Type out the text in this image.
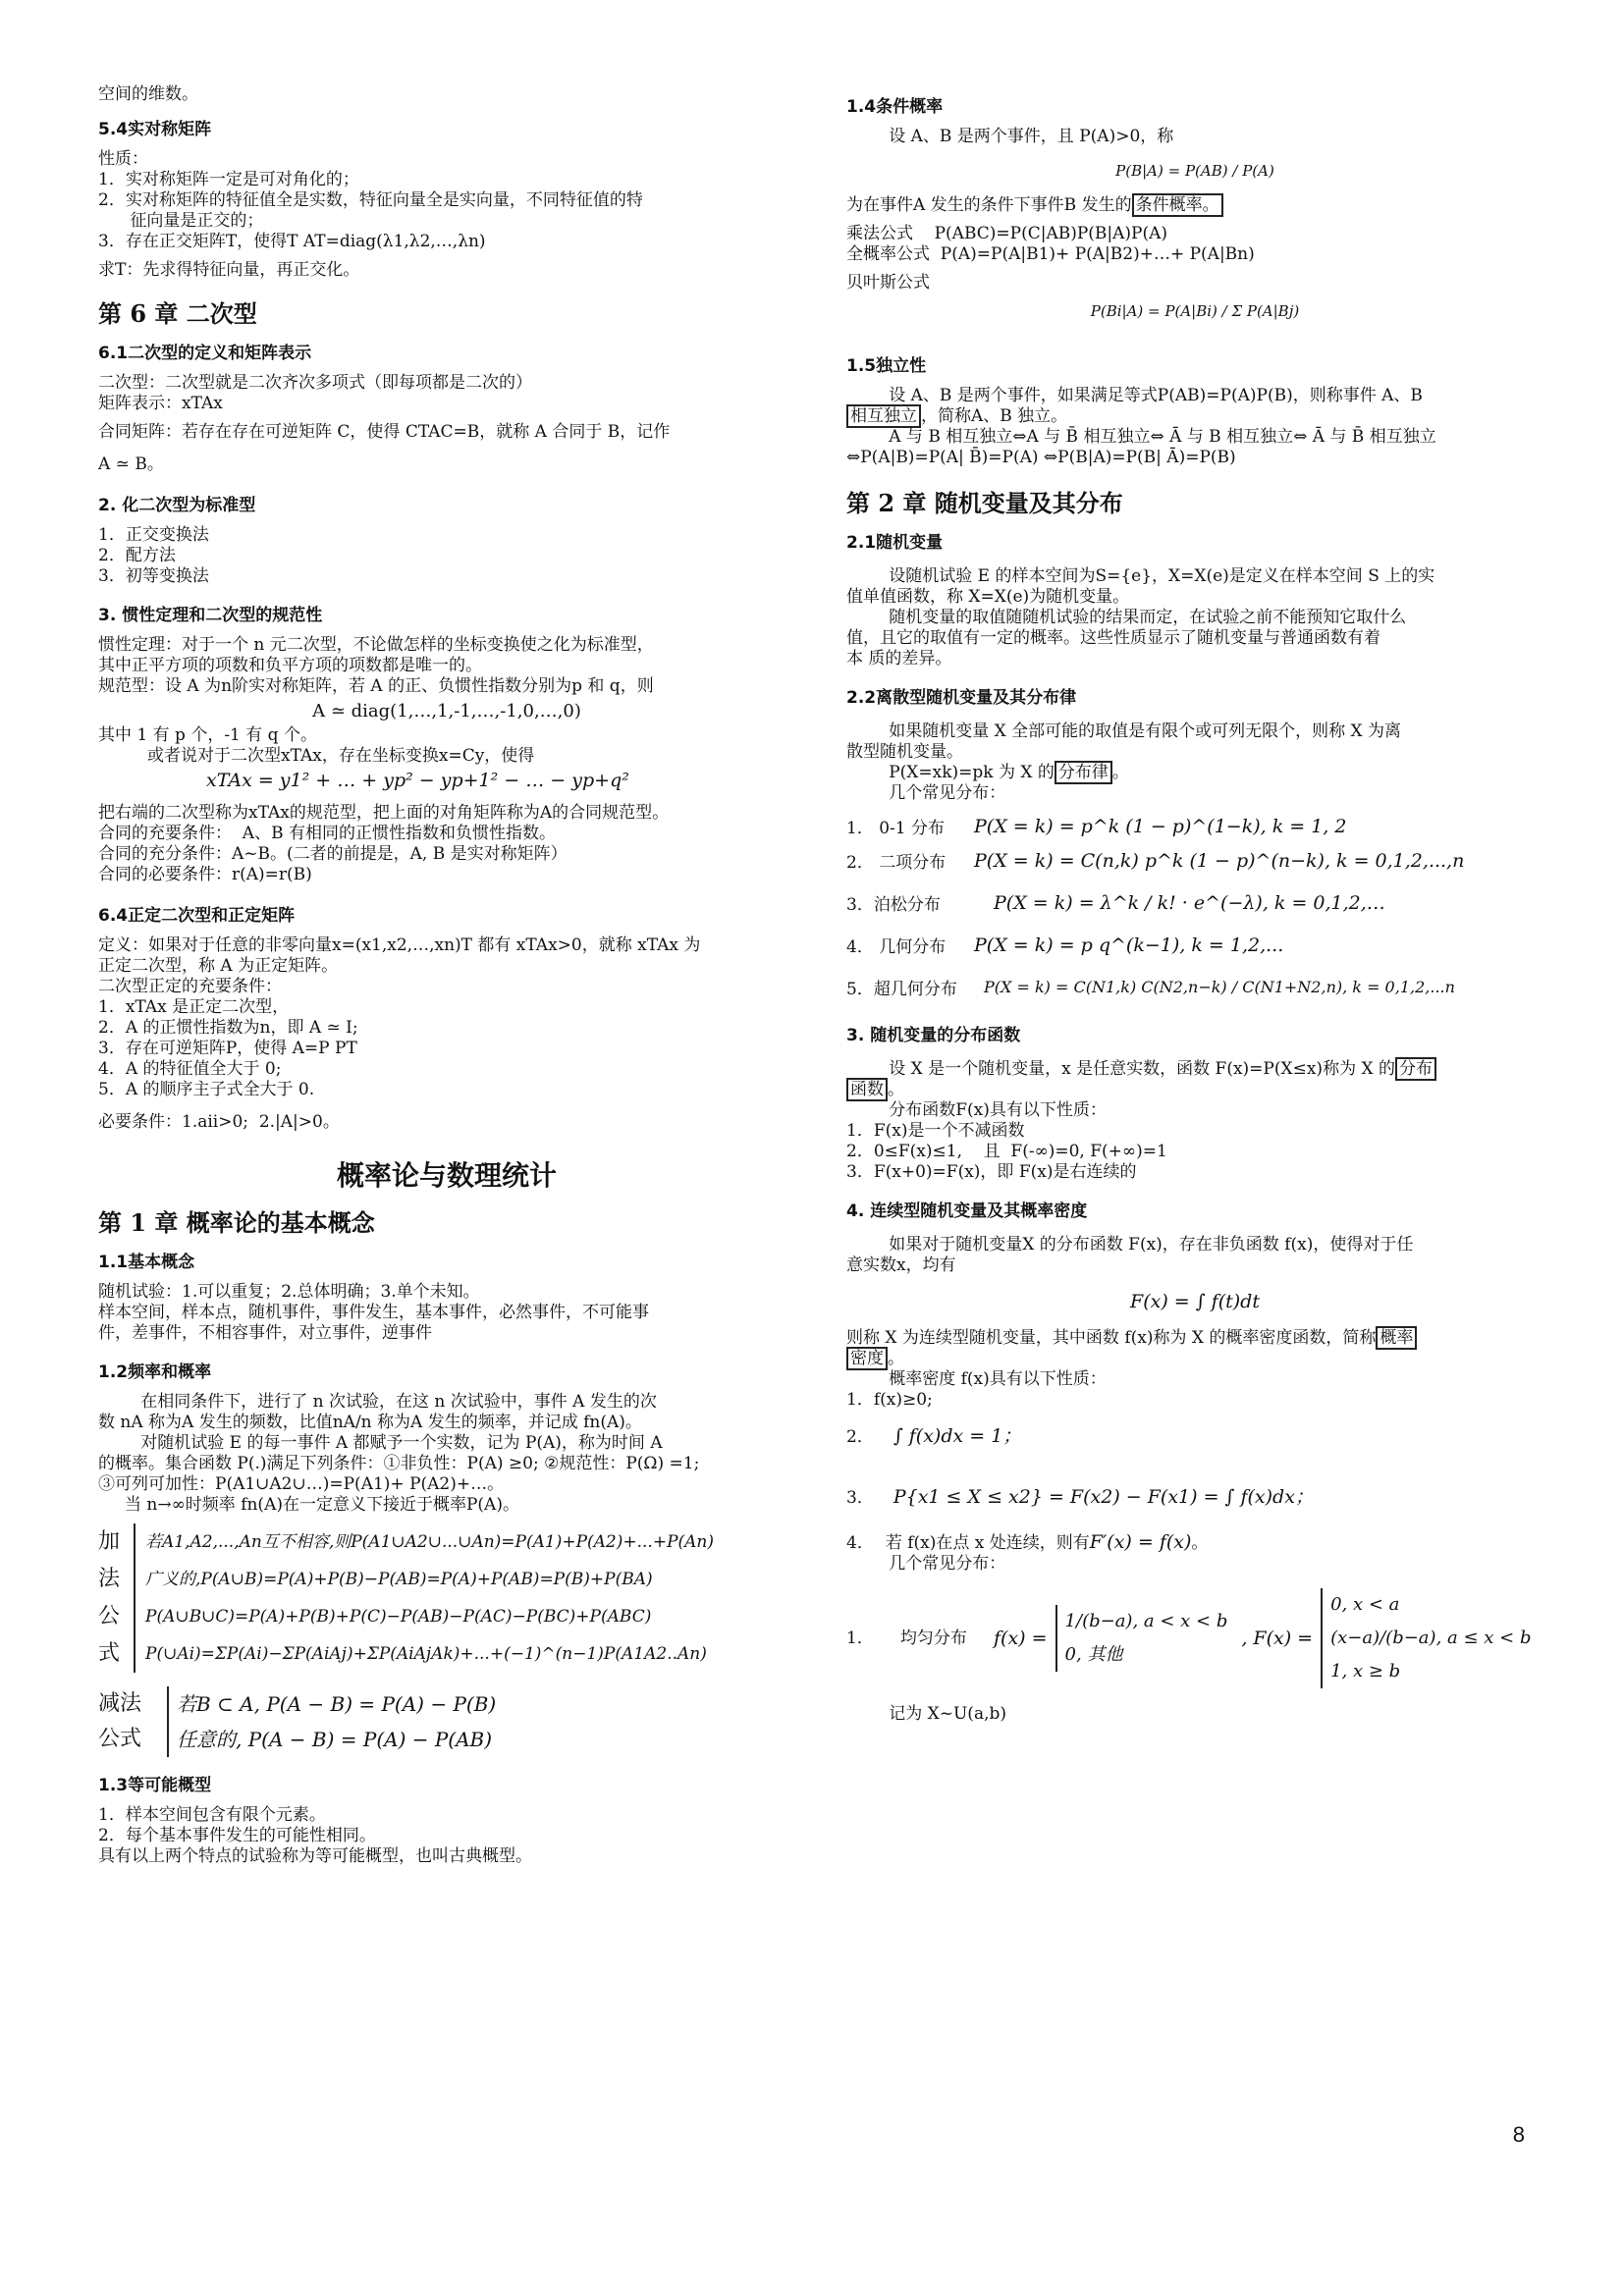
空间的维数。

5.4实对称矩阵

性质：

1．实对称矩阵一定是可对角化的；

2．实对称矩阵的特征值全是实数，特征向量全是实向量，不同特征值的特

征向量是正交的；

3．存在正交矩阵T，使得T AT=diag(λ1,λ2,…,λn)

求T：先求得特征向量，再正交化。

第 6 章 二次型
6.1二次型的定义和矩阵表示

二次型：二次型就是二次齐次多项式（即每项都是二次的）

矩阵表示：xTAx

合同矩阵：若存在存在可逆矩阵 C，使得 CTAC=B，就称 A 合同于 B，记作

A ≃ B。

2. 化二次型为标准型

1．正交变换法

2．配方法

3．初等变换法

3. 惯性定理和二次型的规范性

惯性定理：对于一个 n 元二次型，不论做怎样的坐标变换使之化为标准型，

其中正平方项的项数和负平方项的项数都是唯一的。

规范型：设 A 为n阶实对称矩阵，若 A 的正、负惯性指数分别为p 和 q，则

A ≃ diag(1,…,1,-1,…,-1,0,…,0)

其中 1 有 p 个，-1 有 q 个。

或者说对于二次型xTAx，存在坐标变换x=Cy，使得

xTAx = y1² + … + yp² − yp+1² − … − yp+q²

把右端的二次型称为xTAx的规范型，把上面的对角矩阵称为A的合同规范型。

合同的充要条件：  A、B 有相同的正惯性指数和负惯性指数。

合同的充分条件：A~B。(二者的前提是，A, B 是实对称矩阵）

合同的必要条件：r(A)=r(B)

6.4正定二次型和正定矩阵

定义：如果对于任意的非零向量x=(x1,x2,…,xn)T 都有 xTAx>0，就称 xTAx 为

正定二次型，称 A 为正定矩阵。

二次型正定的充要条件：

1．xTAx 是正定二次型，

2．A 的正惯性指数为n，即 A ≃ I;

3．存在可逆矩阵P，使得 A=P PT

4．A 的特征值全大于 0;

5．A 的顺序主子式全大于 0.

必要条件：1.aii>0;  2.|A|>0。

概率论与数理统计
第 1 章 概率论的基本概念
1.1基本概念

随机试验：1.可以重复；2.总体明确；3.单个未知。

样本空间，样本点，随机事件，事件发生，基本事件，必然事件，不可能事

件，差事件，不相容事件，对立事件，逆事件

1.2频率和概率

在相同条件下，进行了 n 次试验，在这 n 次试验中，事件 A 发生的次

数 nA 称为A 发生的频数，比值nA/n 称为A 发生的频率，并记成 fn(A)。

对随机试验 E 的每一事件 A 都赋予一个实数，记为 P(A)，称为时间 A

的概率。集合函数 P(.)满足下列条件：①非负性：P(A) ≥0; ②规范性：P(Ω) =1;

③可列可加性：P(A1∪A2∪…)=P(A1)+ P(A2)+…。

当 n→∞时频率 fn(A)在一定意义下接近于概率P(A)。

加
法
公
式
若A1,A2,...,An互不相容,则P(A1∪A2∪...∪An)=P(A1)+P(A2)+...+P(An)
广义的,P(A∪B)=P(A)+P(B)−P(AB)=P(A)+P(AB)=P(B)+P(BA)
P(A∪B∪C)=P(A)+P(B)+P(C)−P(AB)−P(AC)−P(BC)+P(ABC)
P(∪Ai)=ΣP(Ai)−ΣP(AiAj)+ΣP(AiAjAk)+...+(−1)^(n−1)P(A1A2..An)
减法
公式
若B ⊂ A, P(A − B) = P(A) − P(B)
任意的, P(A − B) = P(A) − P(AB)
1.3等可能概型

1．样本空间包含有限个元素。

2．每个基本事件发生的可能性相同。

具有以上两个特点的试验称为等可能概型，也叫古典概型。

1.4条件概率

设 A、B 是两个事件，且 P(A)>0，称

P(B|A) = P(AB) / P(A)

为在事件A 发生的条件下事件B 发生的 条件概率。

乘法公式    P(ABC)=P(C|AB)P(B|A)P(A)

全概率公式  P(A)=P(A|B1)+ P(A|B2)+…+ P(A|Bn)

贝叶斯公式

P(Bi|A) = P(A|Bi) / Σ P(A|Bj)

1.5独立性

设 A、B 是两个事件，如果满足等式P(AB)=P(A)P(B)，则称事件 A、B

相互独立 ，简称A、B 独立。

A 与 B 相互独立⇔A 与 B̄ 相互独立⇔ Ā 与 B 相互独立⇔ Ā 与 B̄ 相互独立

⇔P(A|B)=P(A| B̄)=P(A) ⇔P(B|A)=P(B| Ā)=P(B)

第 2 章 随机变量及其分布
2.1随机变量

设随机试验 E 的样本空间为S={e}，X=X(e)是定义在样本空间 S 上的实

值单值函数，称 X=X(e)为随机变量。

随机变量的取值随随机试验的结果而定，在试验之前不能预知它取什么

值，且它的取值有一定的概率。这些性质显示了随机变量与普通函数有着

本 质的差异。

2.2离散型随机变量及其分布律

如果随机变量 X 全部可能的取值是有限个或可列无限个，则称 X 为离

散型随机变量。

P(X=xk)=pk 为 X 的 分布律 。

几个常见分布：

1． 0-1 分布	P(X = k) = p^k (1 − p)^(1−k), k = 1, 2
2． 二项分布	P(X = k) = C(n,k) p^k (1 − p)^(n−k), k = 0,1,2,...,n
3．泊松分布	P(X = k) = λ^k / k! · e^(−λ), k = 0,1,2,…
4． 几何分布	P(X = k) = p q^(k−1), k = 1,2,...
5．超几何分布	P(X = k) = C(N1,k) C(N2,n−k) / C(N1+N2,n), k = 0,1,2,...n
3. 随机变量的分布函数

设 X 是一个随机变量，x 是任意实数，函数 F(x)=P(X≤x)称为 X 的 分布

函数 。

分布函数F(x)具有以下性质：

1．F(x)是一个不减函数

2．0≤F(x)≤1,    且  F(-∞)=0, F(+∞)=1

3．F(x+0)=F(x)，即 F(x)是右连续的

4. 连续型随机变量及其概率密度

如果对于随机变量X 的分布函数 F(x)，存在非负函数 f(x)，使得对于任

意实数x，均有

F(x) = ∫ f(t)dt

则称 X 为连续型随机变量，其中函数 f(x)称为 X 的概率密度函数，简称 概率

密度 。

概率密度 f(x)具有以下性质：

1．f(x)≥0;

2． ∫ f(x)dx = 1；

3． P{x1 ≤ X ≤ x2} = F(x2) − F(x1) = ∫ f(x)dx；

4． 若 f(x)在点 x 处连续，则有F′(x) = f(x)。

几个常见分布：

1．     均匀分布	f(x) =
1/(b−a), a < x < b
0, 其他
, F(x) =
0, x < a
(x−a)/(b−a), a ≤ x < b
1, x ≥ b

记为 X~U(a,b)

8
